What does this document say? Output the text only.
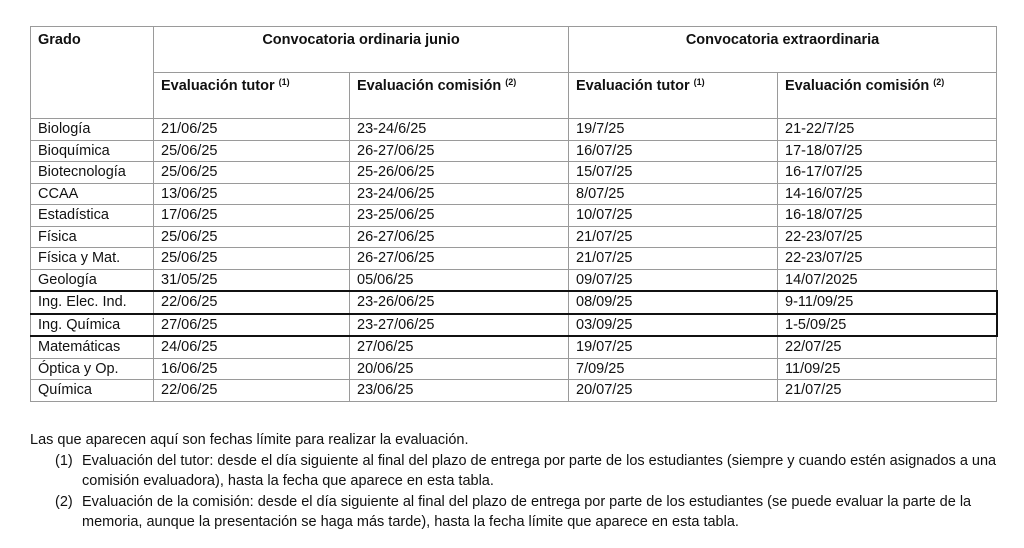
Grado	Convocatoria ordinaria junio		Convocatoria extraordinaria	
	Evaluación tutor $^{(1)}$	Evaluación comisión $^{(2)}$	Evaluación tutor $^{(1)}$	Evaluación comisión $^{(2)}$
Biología	21/06/25	23-24/6/25	19/7/25	21-22/7/25
Bioquímica	25/06/25	26-27/06/25	16/07/25	17-18/07/25
Biotecnología	25/06/25	25-26/06/25	15/07/25	16-17/07/25
CCAA	13/06/25	23-24/06/25	8/07/25	14-16/07/25
Estadística	17/06/25	23-25/06/25	10/07/25	16-18/07/25
Física	25/06/25	26-27/06/25	21/07/25	22-23/07/25
Física y Mat.	25/06/25	26-27/06/25	21/07/25	22-23/07/25
Geología	31/05/25	05/06/25	09/07/25	14/07/2025
Ing. Elec. Ind.	22/06/25	23-26/06/25	08/09/25	9-11/09/25
Ing. Química	27/06/25	23-27/06/25	03/09/25	1-5/09/25
Matemáticas	24/06/25	27/06/25	19/07/25	22/07/25
Óptica y Op.	16/06/25	20/06/25	7/09/25	11/09/25
Química	22/06/25	23/06/25	20/07/25	21/07/25

Las que aparecen aquí son fechas límite para realizar la evaluación.

(1) Evaluación del tutor: desde el día siguiente al final del plazo de entrega por parte de los estudiantes (siempre y cuando estén asignados a una comisión evaluadora), hasta la fecha que aparece en esta tabla.
(2) Evaluación de la comisión: desde el día siguiente al final del plazo de entrega por parte de los estudiantes (se puede evaluar la parte de la memoria, aunque la presentación se haga más tarde), hasta la fecha límite que aparece en esta tabla.
